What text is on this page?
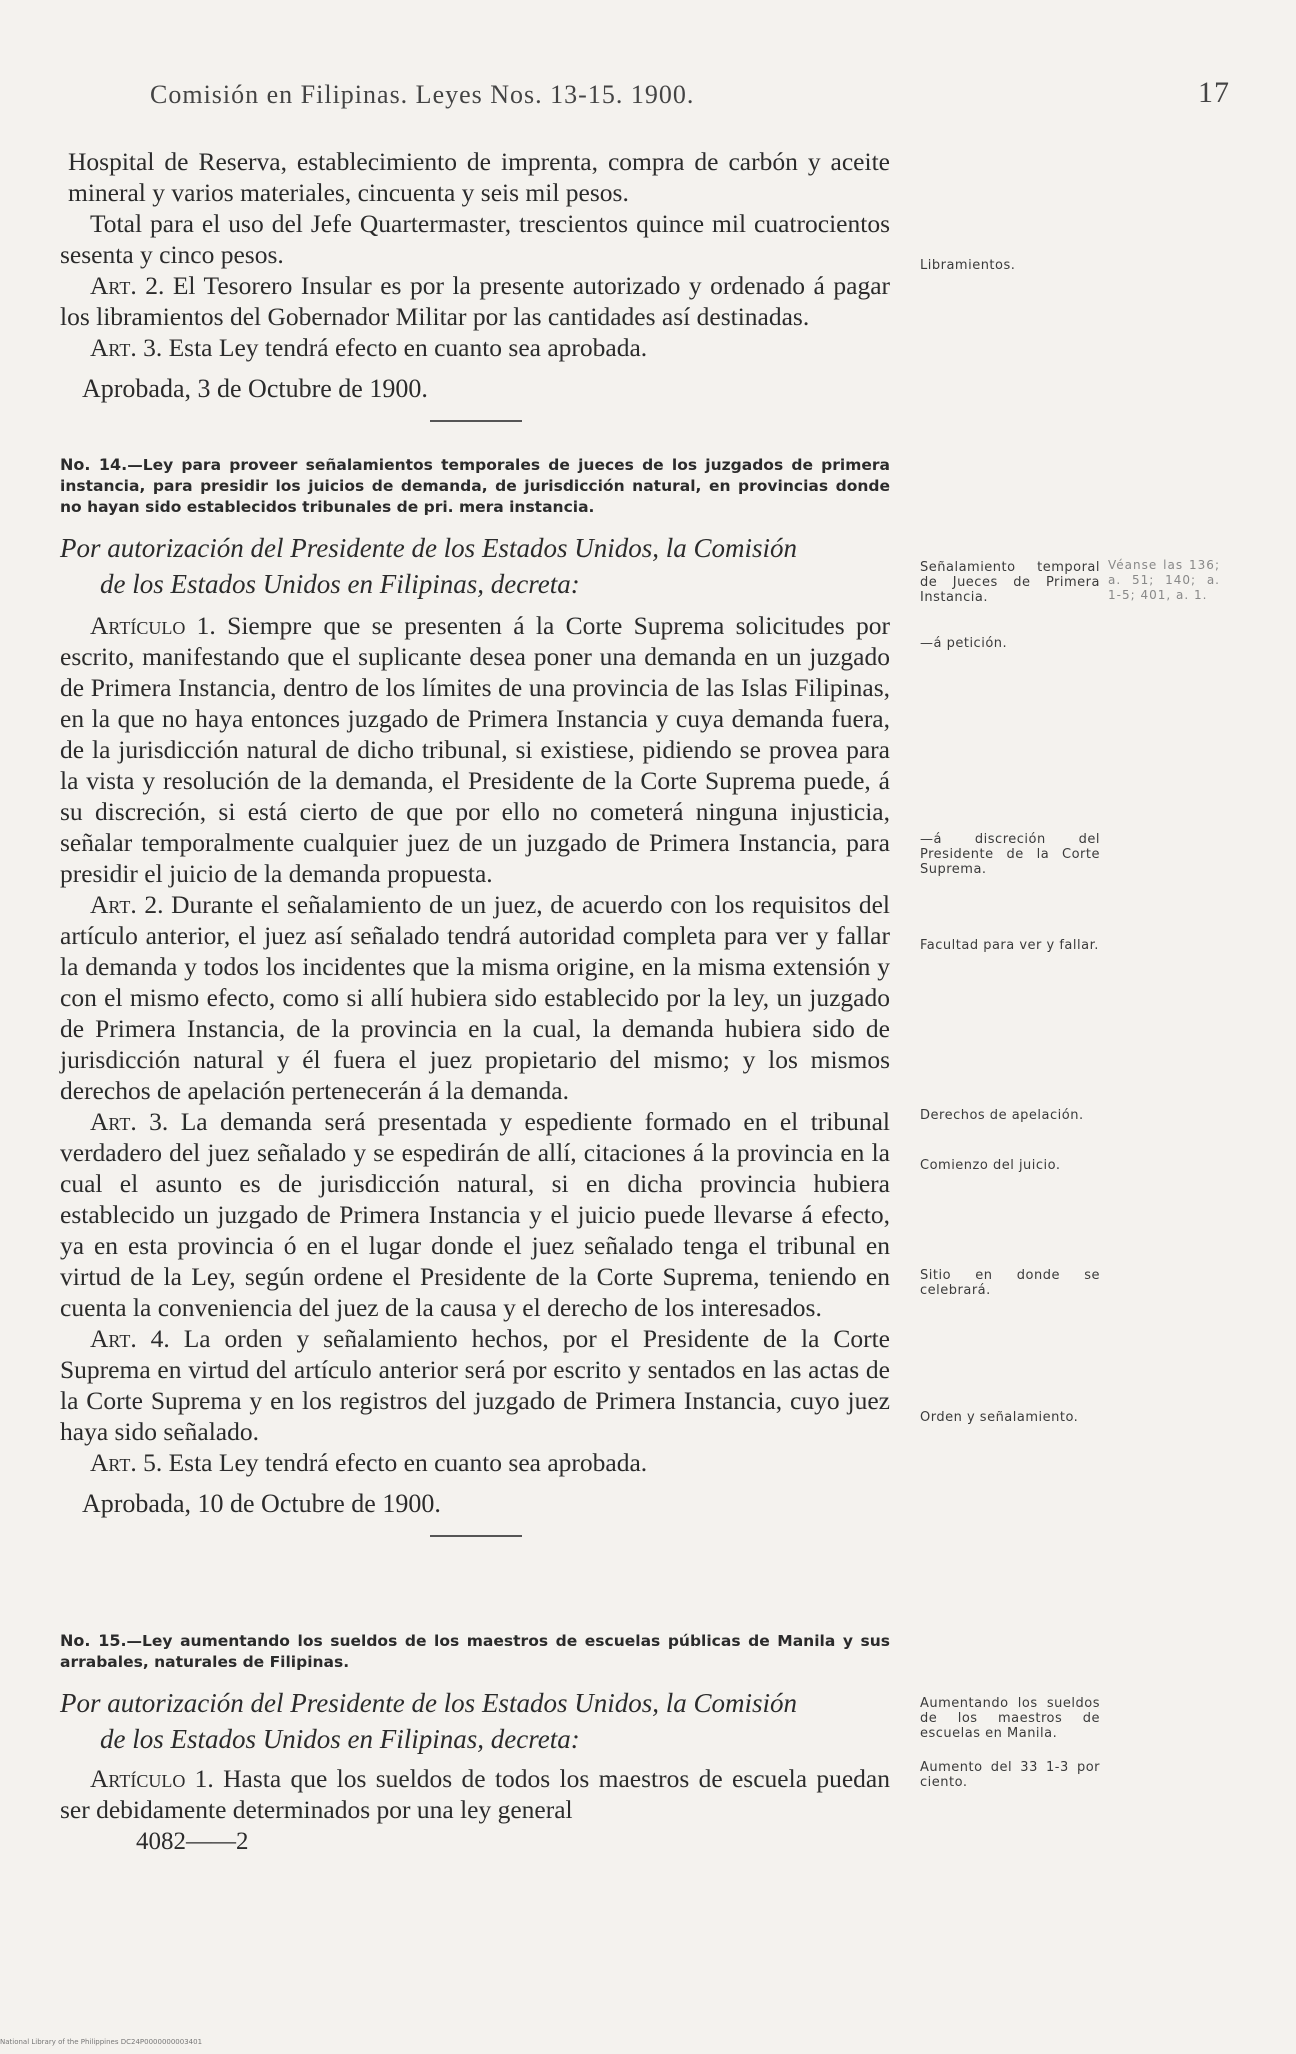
Comisión en Filipinas. Leyes Nos. 13-15. 1900.	17

Hospital de Reserva, establecimiento de imprenta, compra de carbón y aceite mineral y varios materiales, cincuenta y seis mil pesos.

Total para el uso del Jefe Quartermaster, trescientos quince mil cuatrocientos sesenta y cinco pesos.

Art. 2. El Tesorero Insular es por la presente autorizado y ordenado á pagar los libramientos del Gobernador Militar por las cantidades así destinadas.

Art. 3. Esta Ley tendrá efecto en cuanto sea aprobada.

Aprobada, 3 de Octubre de 1900.

No. 14.—Ley para proveer señalamientos temporales de jueces de los juzgados de primera instancia, para presidir los juicios de demanda, de jurisdicción natural, en provincias donde no hayan sido establecidos tribunales de pri. mera instancia.
Por autorización del Presidente de los Estados Unidos, la Comisión
de los Estados Unidos en Filipinas, decreta:

Artículo 1. Siempre que se presenten á la Corte Suprema solicitudes por escrito, manifestando que el suplicante desea poner una demanda en un juzgado de Primera Instancia, dentro de los límites de una provincia de las Islas Filipinas, en la que no haya entonces juzgado de Primera Instancia y cuya demanda fuera, de la jurisdicción natural de dicho tribunal, si existiese, pidiendo se provea para la vista y resolución de la demanda, el Presidente de la Corte Suprema puede, á su discreción, si está cierto de que por ello no cometerá ninguna injusticia, señalar temporalmente cualquier juez de un juzgado de Primera Instancia, para presidir el juicio de la demanda propuesta.

Art. 2. Durante el señalamiento de un juez, de acuerdo con los requisitos del artículo anterior, el juez así señalado tendrá autoridad completa para ver y fallar la demanda y todos los incidentes que la misma origine, en la misma extensión y con el mismo efecto, como si allí hubiera sido establecido por la ley, un juzgado de Primera Instancia, de la provincia en la cual, la demanda hubiera sido de jurisdicción natural y él fuera el juez propietario del mismo; y los mismos derechos de apelación pertenecerán á la demanda.

Art. 3. La demanda será presentada y espediente formado en el tribunal verdadero del juez señalado y se espedirán de allí, citaciones á la provincia en la cual el asunto es de jurisdicción natural, si en dicha provincia hubiera establecido un juzgado de Primera Instancia y el juicio puede llevarse á efecto, ya en esta provincia ó en el lugar donde el juez señalado tenga el tribunal en virtud de la Ley, según ordene el Presidente de la Corte Suprema, teniendo en cuenta la conveniencia del juez de la causa y el derecho de los interesados.

Art. 4. La orden y señalamiento hechos, por el Presidente de la Corte Suprema en virtud del artículo anterior será por escrito y sentados en las actas de la Corte Suprema y en los registros del juzgado de Primera Instancia, cuyo juez haya sido señalado.

Art. 5. Esta Ley tendrá efecto en cuanto sea aprobada.

Aprobada, 10 de Octubre de 1900.

No. 15.—Ley aumentando los sueldos de los maestros de escuelas públicas de Manila y sus arrabales, naturales de Filipinas.
Por autorización del Presidente de los Estados Unidos, la Comisión
de los Estados Unidos en Filipinas, decreta:

Artículo 1. Hasta que los sueldos de todos los maestros de escuela puedan ser debidamente determinados por una ley general

4082——2
Libramientos.
Señalamiento temporal de Jueces de Primera Instancia.
Véanse las 136; a. 51; 140; a. 1-5; 401, a. 1.
—á petición.
—á discreción del Presidente de la Corte Suprema.
Facultad para ver y fallar.
Derechos de apelación.
Comienzo del juicio.
Sitio en donde se celebrará.
Orden y señalamiento.
Aumentando los sueldos de los maestros de escuelas en Manila.
Aumento del 33 1-3 por ciento.
National Library of the Philippines DC24P0000000003401
